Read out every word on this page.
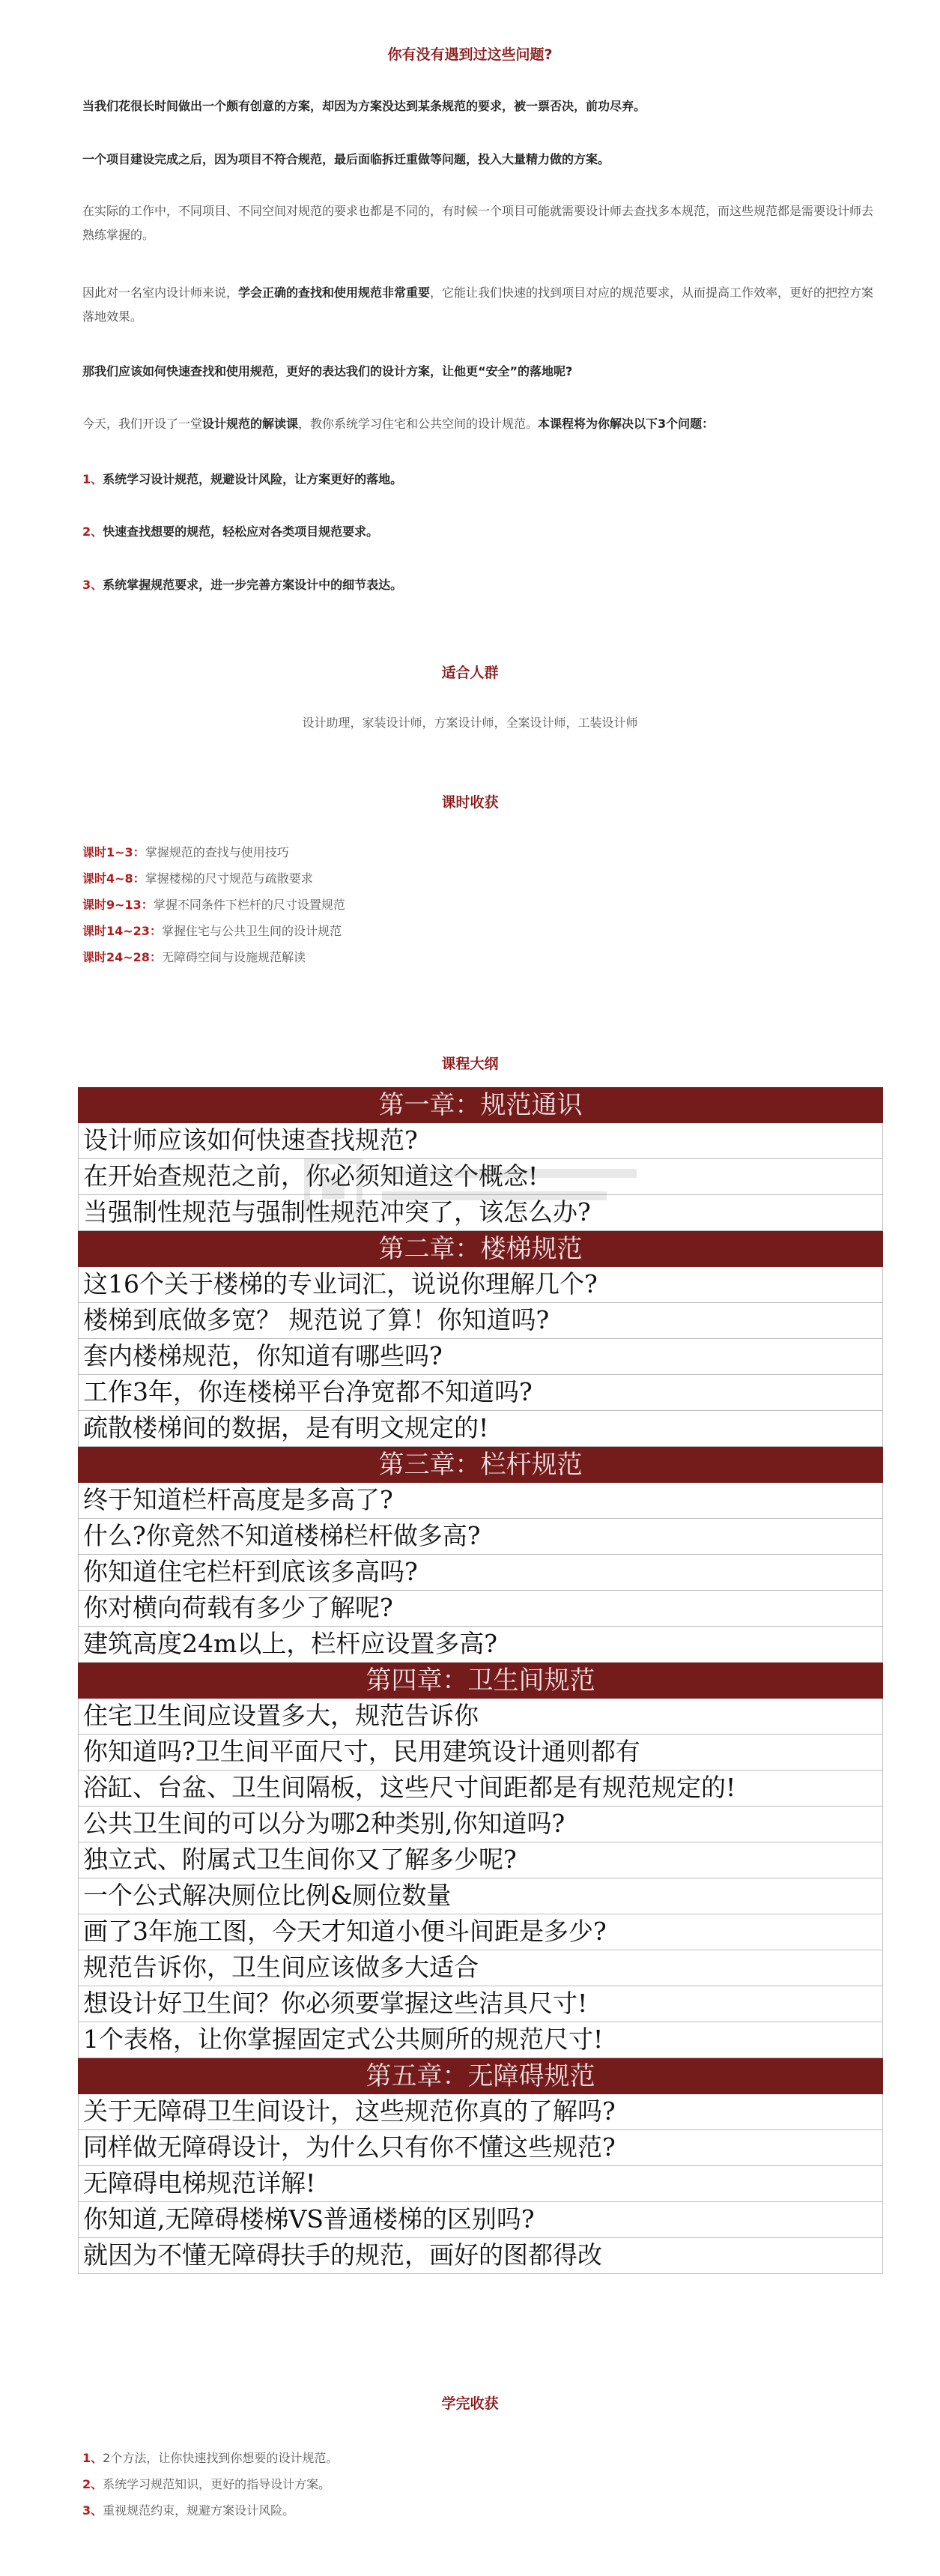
你有没有遇到过这些问题?
当我们花很长时间做出一个颇有创意的方案，却因为方案没达到某条规范的要求，被一票否决，前功尽弃。
一个项目建设完成之后，因为项目不符合规范，最后面临拆迁重做等问题，投入大量精力做的方案。
在实际的工作中，不同项目、不同空间对规范的要求也都是不同的，有时候一个项目可能就需要设计师去查找多本规范，而这些规范都是需要设计师去熟练掌握的。
因此对一名室内设计师来说，学会正确的查找和使用规范非常重要，它能让我们快速的找到项目对应的规范要求，从而提高工作效率，更好的把控方案落地效果。
那我们应该如何快速查找和使用规范，更好的表达我们的设计方案，让他更“安全”的落地呢?
今天，我们开设了一堂设计规范的解读课，教你系统学习住宅和公共空间的设计规范。本课程将为你解决以下3个问题：
1、系统学习设计规范，规避设计风险，让方案更好的落地。
2、快速查找想要的规范，轻松应对各类项目规范要求。
3、系统掌握规范要求，进一步完善方案设计中的细节表达。
适合人群
设计助理，家装设计师，方案设计师，全案设计师，工装设计师
课时收获
课时1~3：掌握规范的查找与使用技巧
课时4~8：掌握楼梯的尺寸规范与疏散要求
课时9~13：掌握不同条件下栏杆的尺寸设置规范
课时14~23：掌握住宅与公共卫生间的设计规范
课时24~28：无障碍空间与设施规范解读
课程大纲
第一章：规范通识
设计师应该如何快速查找规范?
在开始查规范之前，你必须知道这个概念!
当强制性规范与强制性规范冲突了，该怎么办?
第二章：楼梯规范
这16个关于楼梯的专业词汇，说说你理解几个?
楼梯到底做多宽？ 规范说了算！你知道吗?
套内楼梯规范，你知道有哪些吗?
工作3年，你连楼梯平台净宽都不知道吗?
疏散楼梯间的数据，是有明文规定的!
第三章：栏杆规范
终于知道栏杆高度是多高了?
什么?你竟然不知道楼梯栏杆做多高?
你知道住宅栏杆到底该多高吗?
你对横向荷载有多少了解呢?
建筑高度24m以上，栏杆应设置多高?
第四章：卫生间规范
住宅卫生间应设置多大，规范告诉你
你知道吗?卫生间平面尺寸，民用建筑设计通则都有
浴缸、台盆、卫生间隔板，这些尺寸间距都是有规范规定的!
公共卫生间的可以分为哪2种类别,你知道吗?
独立式、附属式卫生间你又了解多少呢?
一个公式解决厕位比例&厕位数量
画了3年施工图，今天才知道小便斗间距是多少?
规范告诉你，卫生间应该做多大适合
想设计好卫生间？你必须要掌握这些洁具尺寸!
1个表格，让你掌握固定式公共厕所的规范尺寸!
第五章：无障碍规范
关于无障碍卫生间设计，这些规范你真的了解吗?
同样做无障碍设计，为什么只有你不懂这些规范?
无障碍电梯规范详解!
你知道,无障碍楼梯VS普通楼梯的区别吗?
就因为不懂无障碍扶手的规范，画好的图都得改
学完收获
1、2个方法，让你快速找到你想要的设计规范。
2、系统学习规范知识，更好的指导设计方案。
3、重视规范约束，规避方案设计风险。
